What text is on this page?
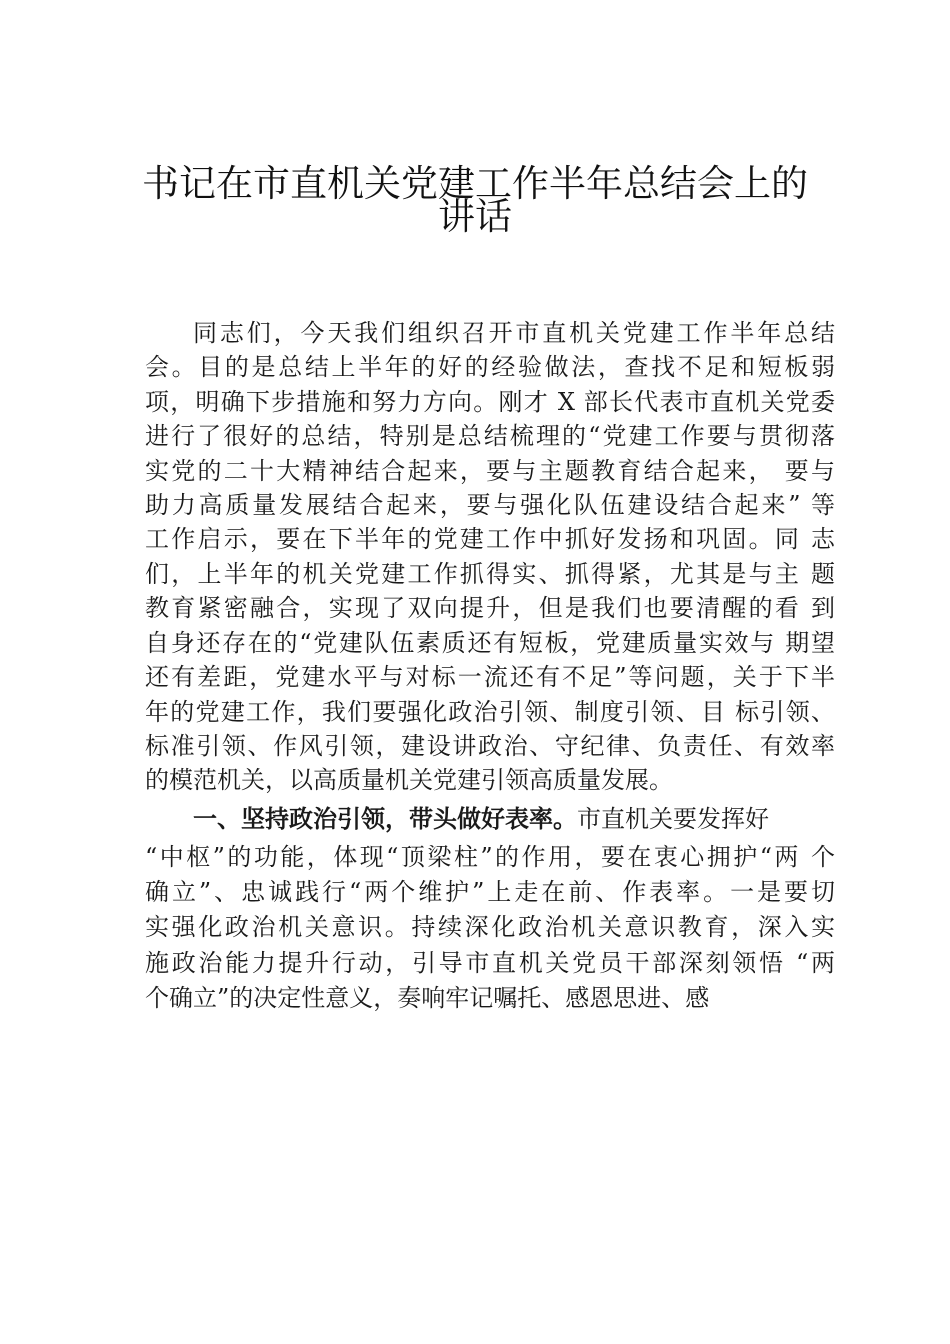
书记在市直机关党建工作半年总结会上的
讲话

同志们，今天我们组织召开市直机关党建工作半年总结

会。目的是总结上半年的好的经验做法，查找不足和短板弱

项，明确下步措施和努力方向。刚才 X 部长代表市直机关党委

进行了很好的总结，特别是总结梳理的“党建工作要与贯彻落

实党的二十大精神结合起来，要与主题教育结合起来， 要与

助力高质量发展结合起来，要与强化队伍建设结合起来” 等

工作启示，要在下半年的党建工作中抓好发扬和巩固。同 志

们，上半年的机关党建工作抓得实、抓得紧，尤其是与主 题

教育紧密融合，实现了双向提升，但是我们也要清醒的看 到

自身还存在的“党建队伍素质还有短板，党建质量实效与 期望

还有差距，党建水平与对标一流还有不足”等问题，关于下半

年的党建工作，我们要强化政治引领、制度引领、目 标引领、

标准引领、作风引领，建设讲政治、守纪律、负责任、有效率

的模范机关，以高质量机关党建引领高质量发展。

一、坚持政治引领，带头做好表率。市直机关要发挥好

“中枢”的功能，体现“顶梁柱”的作用，要在衷心拥护“两 个

确立”、忠诚践行“两个维护”上走在前、作表率。一是要切

实强化政治机关意识。持续深化政治机关意识教育，深入实

施政治能力提升行动，引导市直机关党员干部深刻领悟 “两

个确立”的决定性意义，奏响牢记嘱托、感恩思进、感
